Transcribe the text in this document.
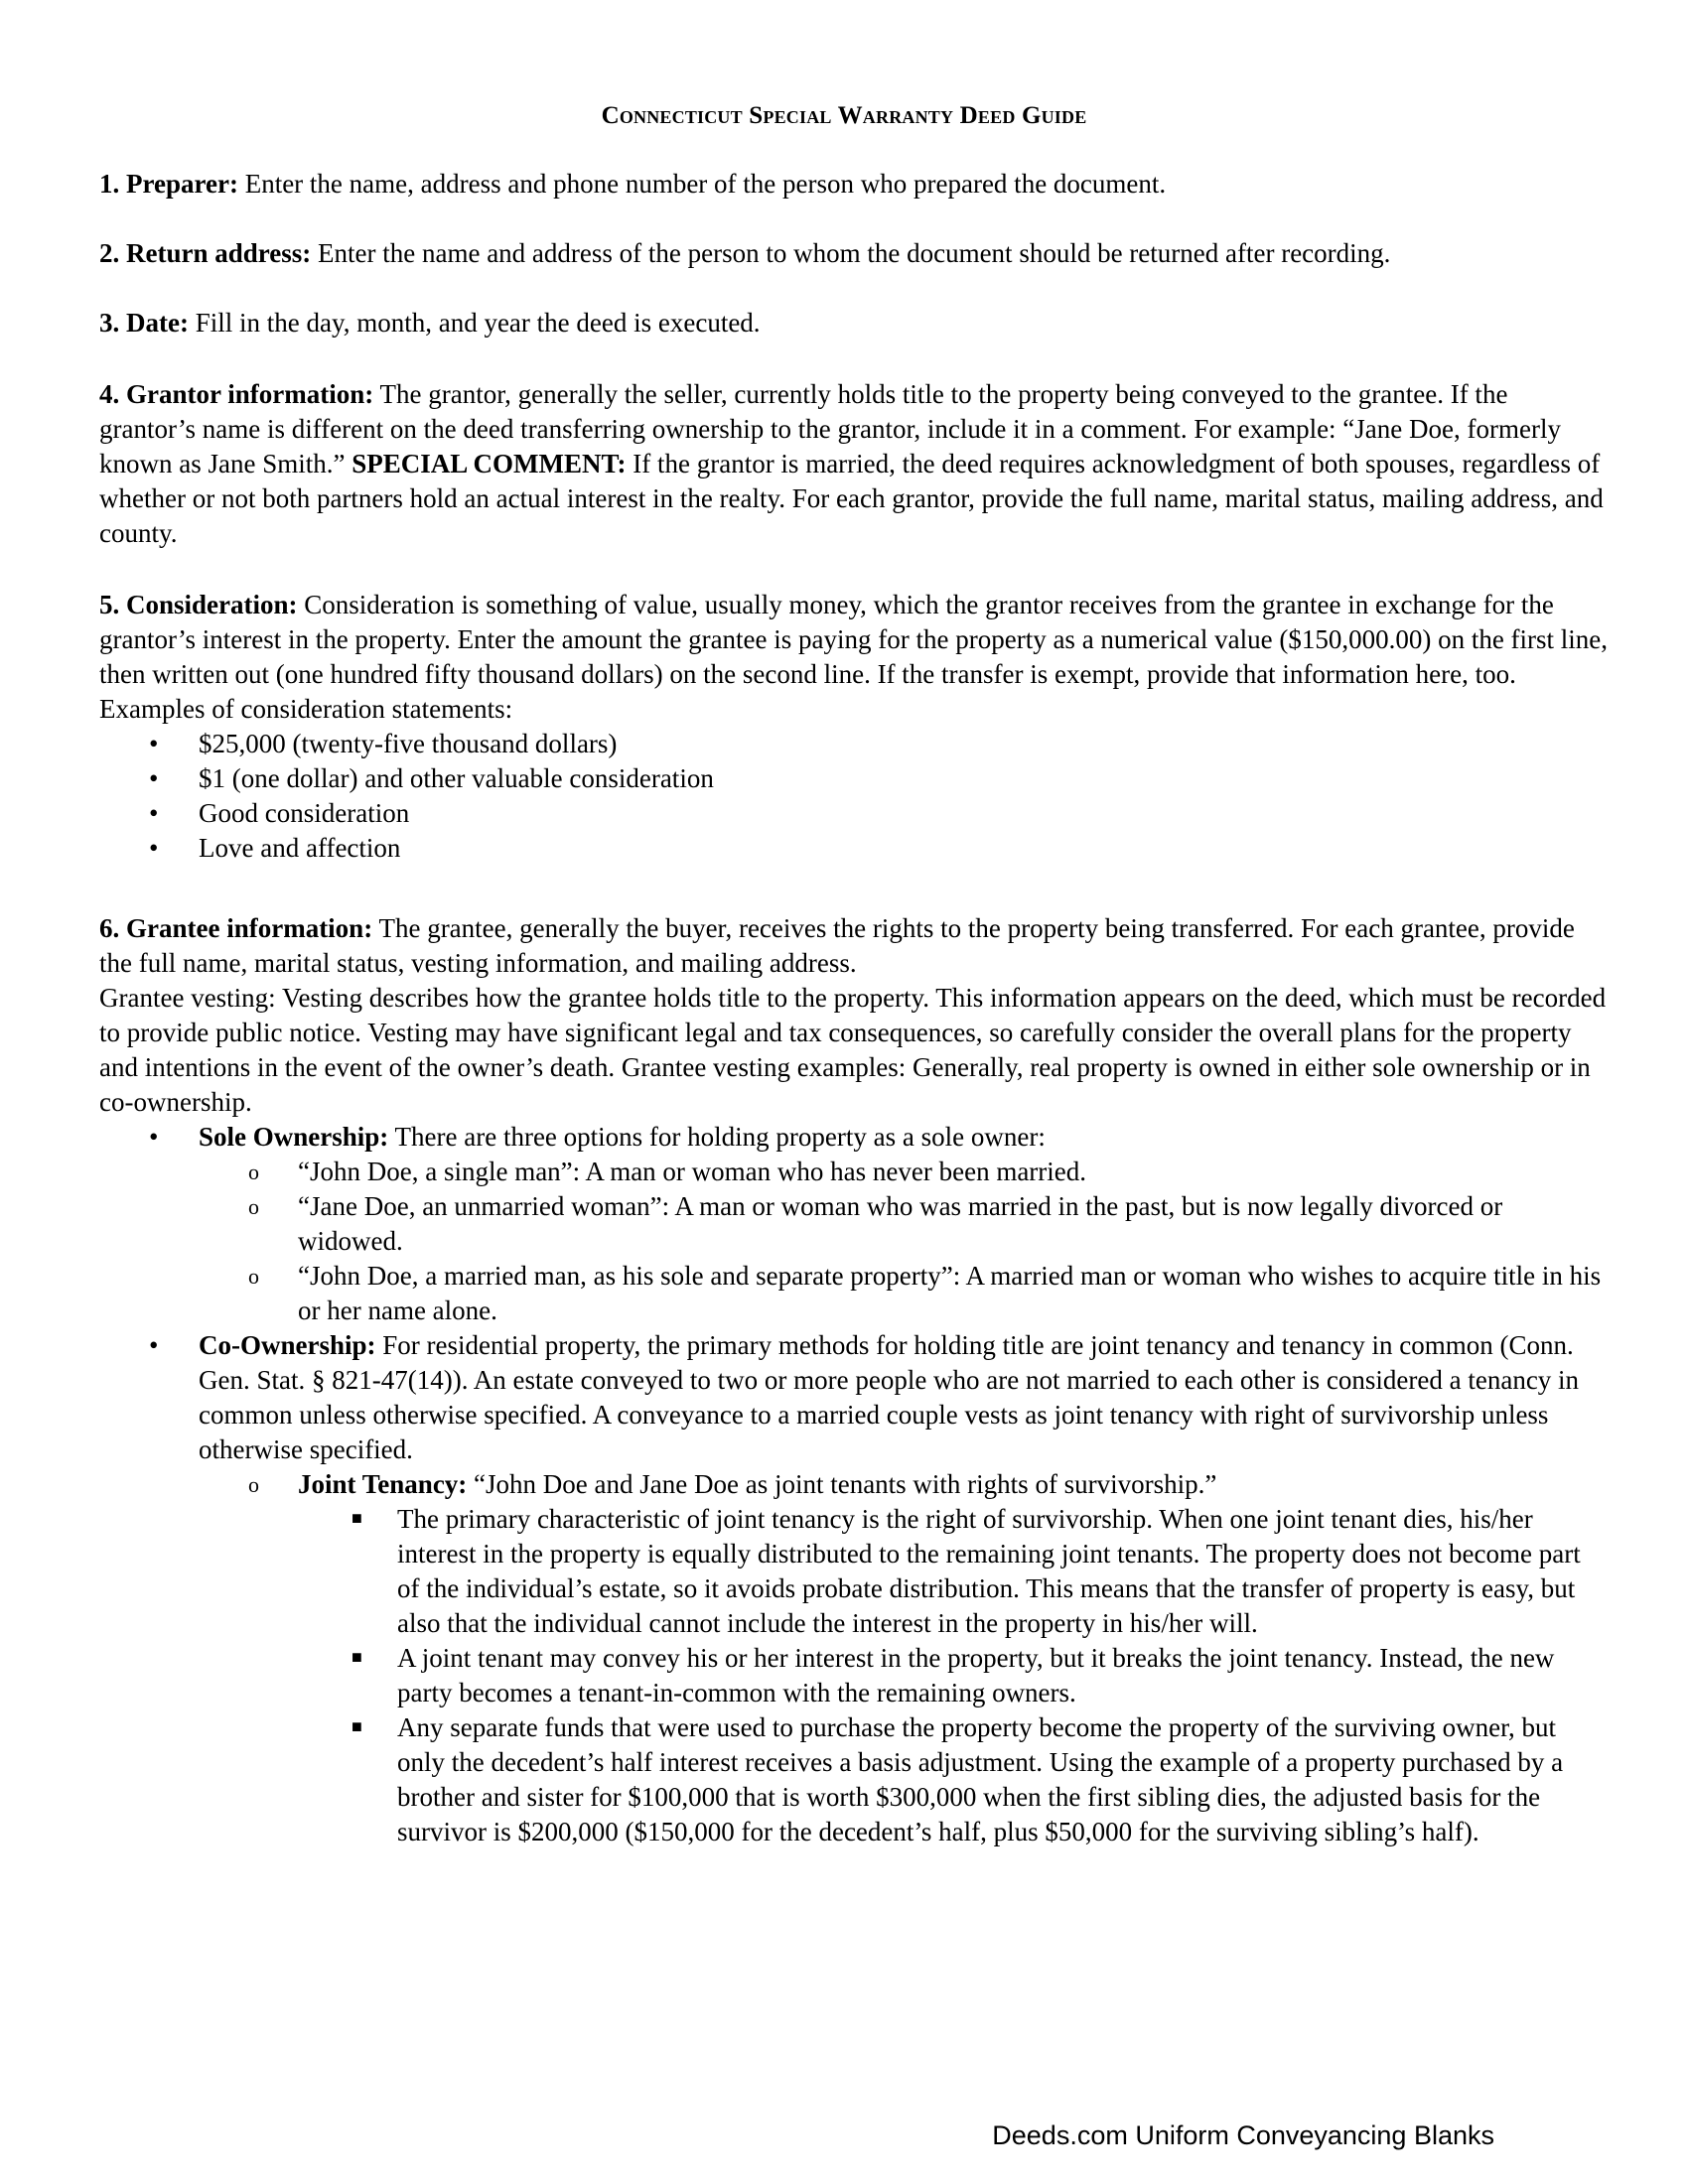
Connecticut Special Warranty Deed Guide

1. Preparer: Enter the name, address and phone number of the person who prepared the document.

2. Return address: Enter the name and address of the person to whom the document should be returned after recording.

3. Date: Fill in the day, month, and year the deed is executed.

4. Grantor information: The grantor, generally the seller, currently holds title to the property being conveyed to the grantee. If the grantor’s name is different on the deed transferring ownership to the grantor, include it in a comment. For example: “Jane Doe, formerly known as Jane Smith.” SPECIAL COMMENT: If the grantor is married, the deed requires acknowledgment of both spouses, regardless of whether or not both partners hold an actual interest in the realty. For each grantor, provide the full name, marital status, mailing address, and county.

5. Consideration: Consideration is something of value, usually money, which the grantor receives from the grantee in exchange for the grantor’s interest in the property. Enter the amount the grantee is paying for the property as a numerical value ($150,000.00) on the first line, then written out (one hundred fifty thousand dollars) on the second line. If the transfer is exempt, provide that information here, too. Examples of consideration statements:

• $25,000 (twenty-five thousand dollars)
• $1 (one dollar) and other valuable consideration
• Good consideration
• Love and affection

6. Grantee information: The grantee, generally the buyer, receives the rights to the property being transferred. For each grantee, provide the full name, marital status, vesting information, and mailing address.

Grantee vesting: Vesting describes how the grantee holds title to the property. This information appears on the deed, which must be recorded to provide public notice. Vesting may have significant legal and tax consequences, so carefully consider the overall plans for the property and intentions in the event of the owner’s death. Grantee vesting examples: Generally, real property is owned in either sole ownership or in co-ownership.

• Sole Ownership: There are three options for holding property as a sole owner:
o “John Doe, a single man”: A man or woman who has never been married.
o “Jane Doe, an unmarried woman”: A man or woman who was married in the past, but is now legally divorced or widowed.
o “John Doe, a married man, as his sole and separate property”: A married man or woman who wishes to acquire title in his or her name alone.
• Co-Ownership: For residential property, the primary methods for holding title are joint tenancy and tenancy in common (Conn. Gen. Stat. § 821-47(14)). An estate conveyed to two or more people who are not married to each other is considered a tenancy in common unless otherwise specified. A conveyance to a married couple vests as joint tenancy with right of survivorship unless otherwise specified.
o Joint Tenancy: “John Doe and Jane Doe as joint tenants with rights of survivorship.”
■ The primary characteristic of joint tenancy is the right of survivorship. When one joint tenant dies, his/her interest in the property is equally distributed to the remaining joint tenants. The property does not become part of the individual’s estate, so it avoids probate distribution. This means that the transfer of property is easy, but also that the individual cannot include the interest in the property in his/her will.
■ A joint tenant may convey his or her interest in the property, but it breaks the joint tenancy. Instead, the new party becomes a tenant-in-common with the remaining owners.
■ Any separate funds that were used to purchase the property become the property of the surviving owner, but only the decedent’s half interest receives a basis adjustment. Using the example of a property purchased by a brother and sister for $100,000 that is worth $300,000 when the first sibling dies, the adjusted basis for the survivor is $200,000 ($150,000 for the decedent’s half, plus $50,000 for the surviving sibling’s half).
Deeds.com Uniform Conveyancing Blanks
